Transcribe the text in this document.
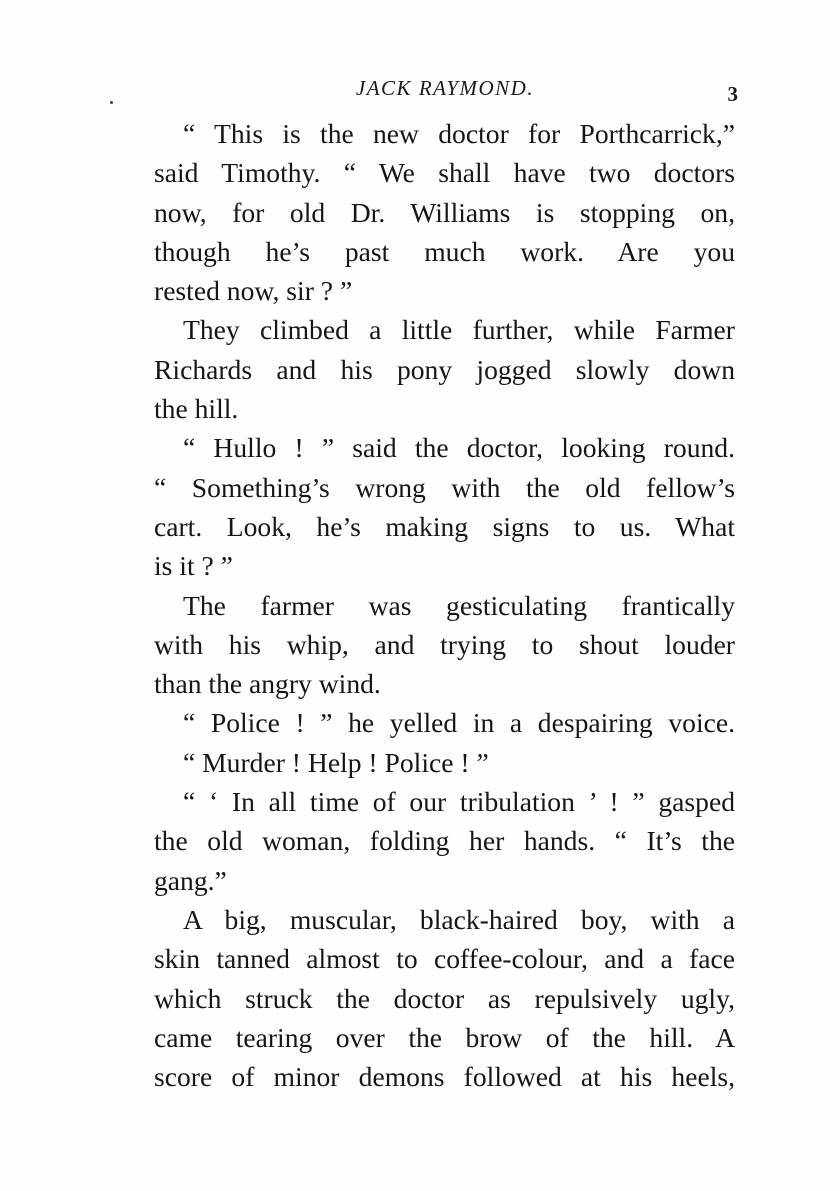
JACK RAYMOND.	3
“ This is the new doctor for Porthcarrick,”
said Timothy. “ We shall have two doctors
now, for old Dr. Williams is stopping on,
though he’s past much work. Are you
rested now, sir ? ”
They climbed a little further, while Farmer
Richards and his pony jogged slowly down
the hill.
“ Hullo ! ” said the doctor, looking round.
“ Something’s wrong with the old fellow’s
cart. Look, he’s making signs to us. What
is it ? ”
The farmer was gesticulating frantically
with his whip, and trying to shout louder
than the angry wind.
“ Police ! ” he yelled in a despairing voice.
“ Murder ! Help ! Police ! ”
“ ‘ In all time of our tribulation ’ ! ” gasped
the old woman, folding her hands. “ It’s the
gang.”
A big, muscular, black-haired boy, with a
skin tanned almost to coffee-colour, and a face
which struck the doctor as repulsively ugly,
came tearing over the brow of the hill. A
score of minor demons followed at his heels,
